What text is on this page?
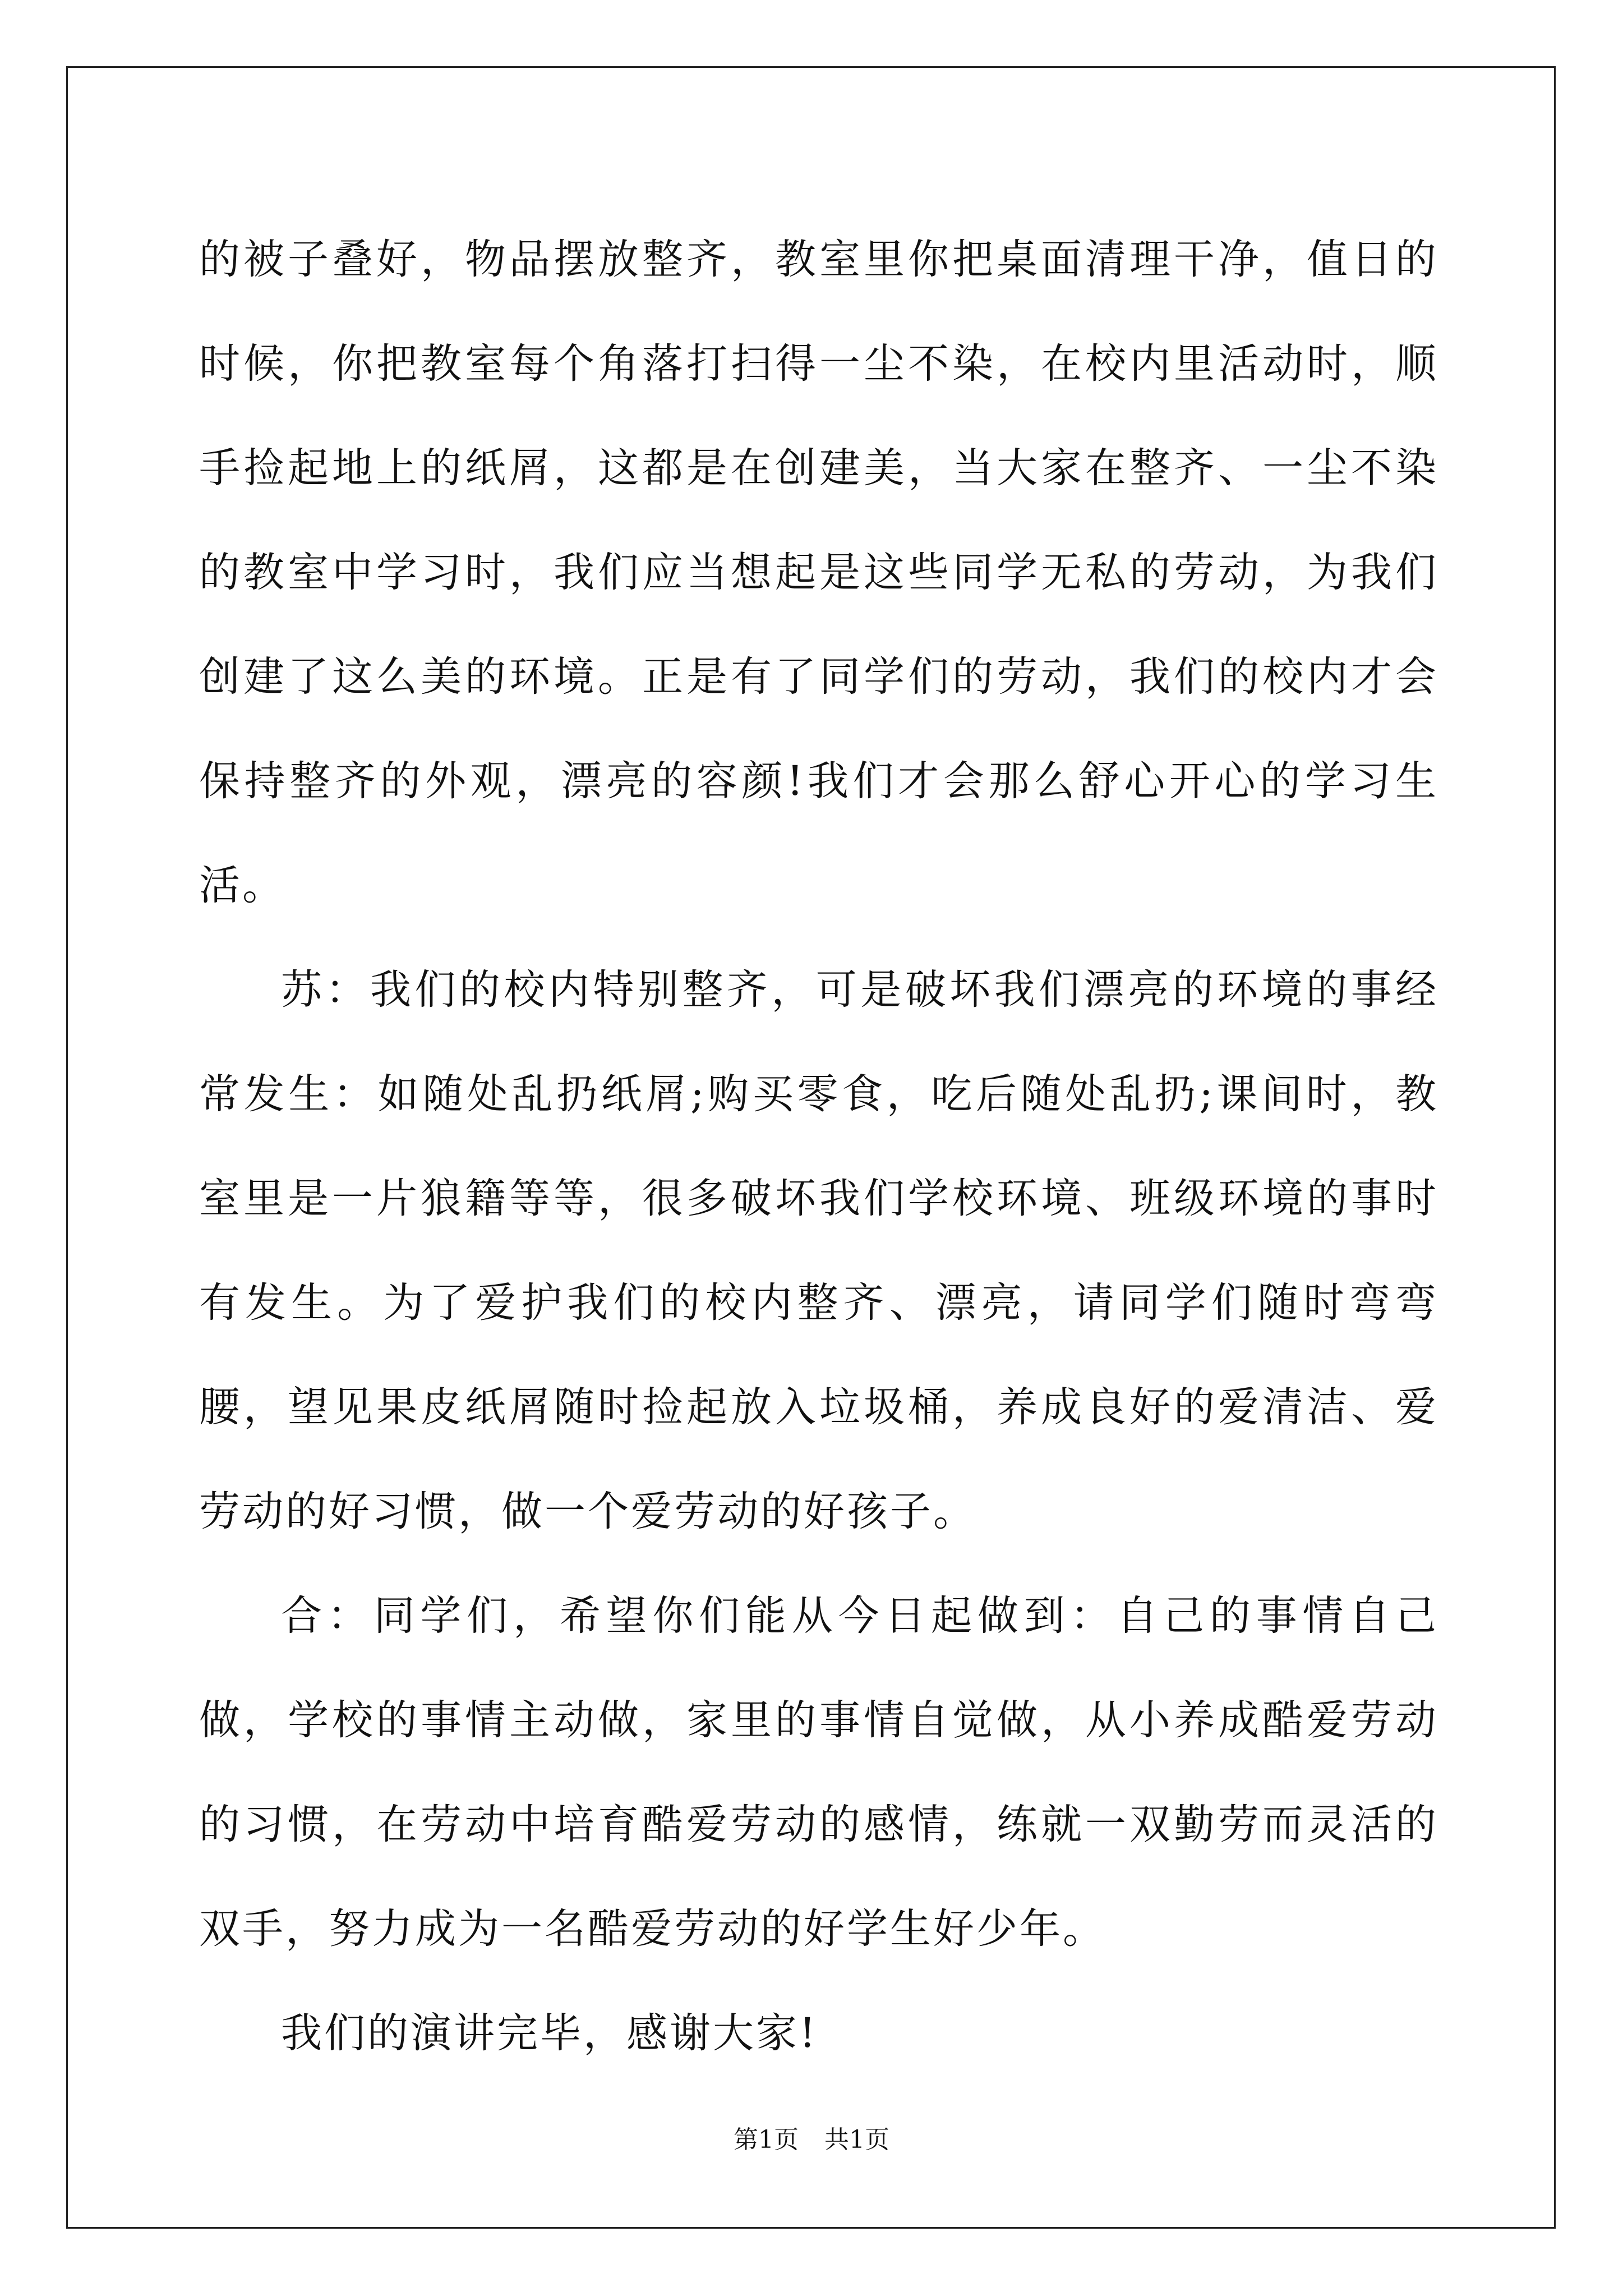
的被子叠好，物品摆放整齐，教室里你把桌面清理干净，值日的时候，你把教室每个角落打扫得一尘不染，在校内里活动时，顺手捡起地上的纸屑，这都是在创建美，当大家在整齐、一尘不染的教室中学习时，我们应当想起是这些同学无私的劳动，为我们创建了这么美的环境。正是有了同学们的劳动，我们的校内才会保持整齐的外观，漂亮的容颜!我们才会那么舒心开心的学习生活。

苏：我们的校内特别整齐，可是破坏我们漂亮的环境的事经常发生：如随处乱扔纸屑;购买零食，吃后随处乱扔;课间时，教室里是一片狼籍等等，很多破坏我们学校环境、班级环境的事时有发生。为了爱护我们的校内整齐、漂亮，请同学们随时弯弯腰，望见果皮纸屑随时捡起放入垃圾桶，养成良好的爱清洁、爱劳动的好习惯，做一个爱劳动的好孩子。

合：同学们，希望你们能从今日起做到：自己的事情自己做，学校的事情主动做，家里的事情自觉做，从小养成酷爱劳动的习惯，在劳动中培育酷爱劳动的感情，练就一双勤劳而灵活的双手，努力成为一名酷爱劳动的好学生好少年。

我们的演讲完毕，感谢大家!

第1页 共1页
